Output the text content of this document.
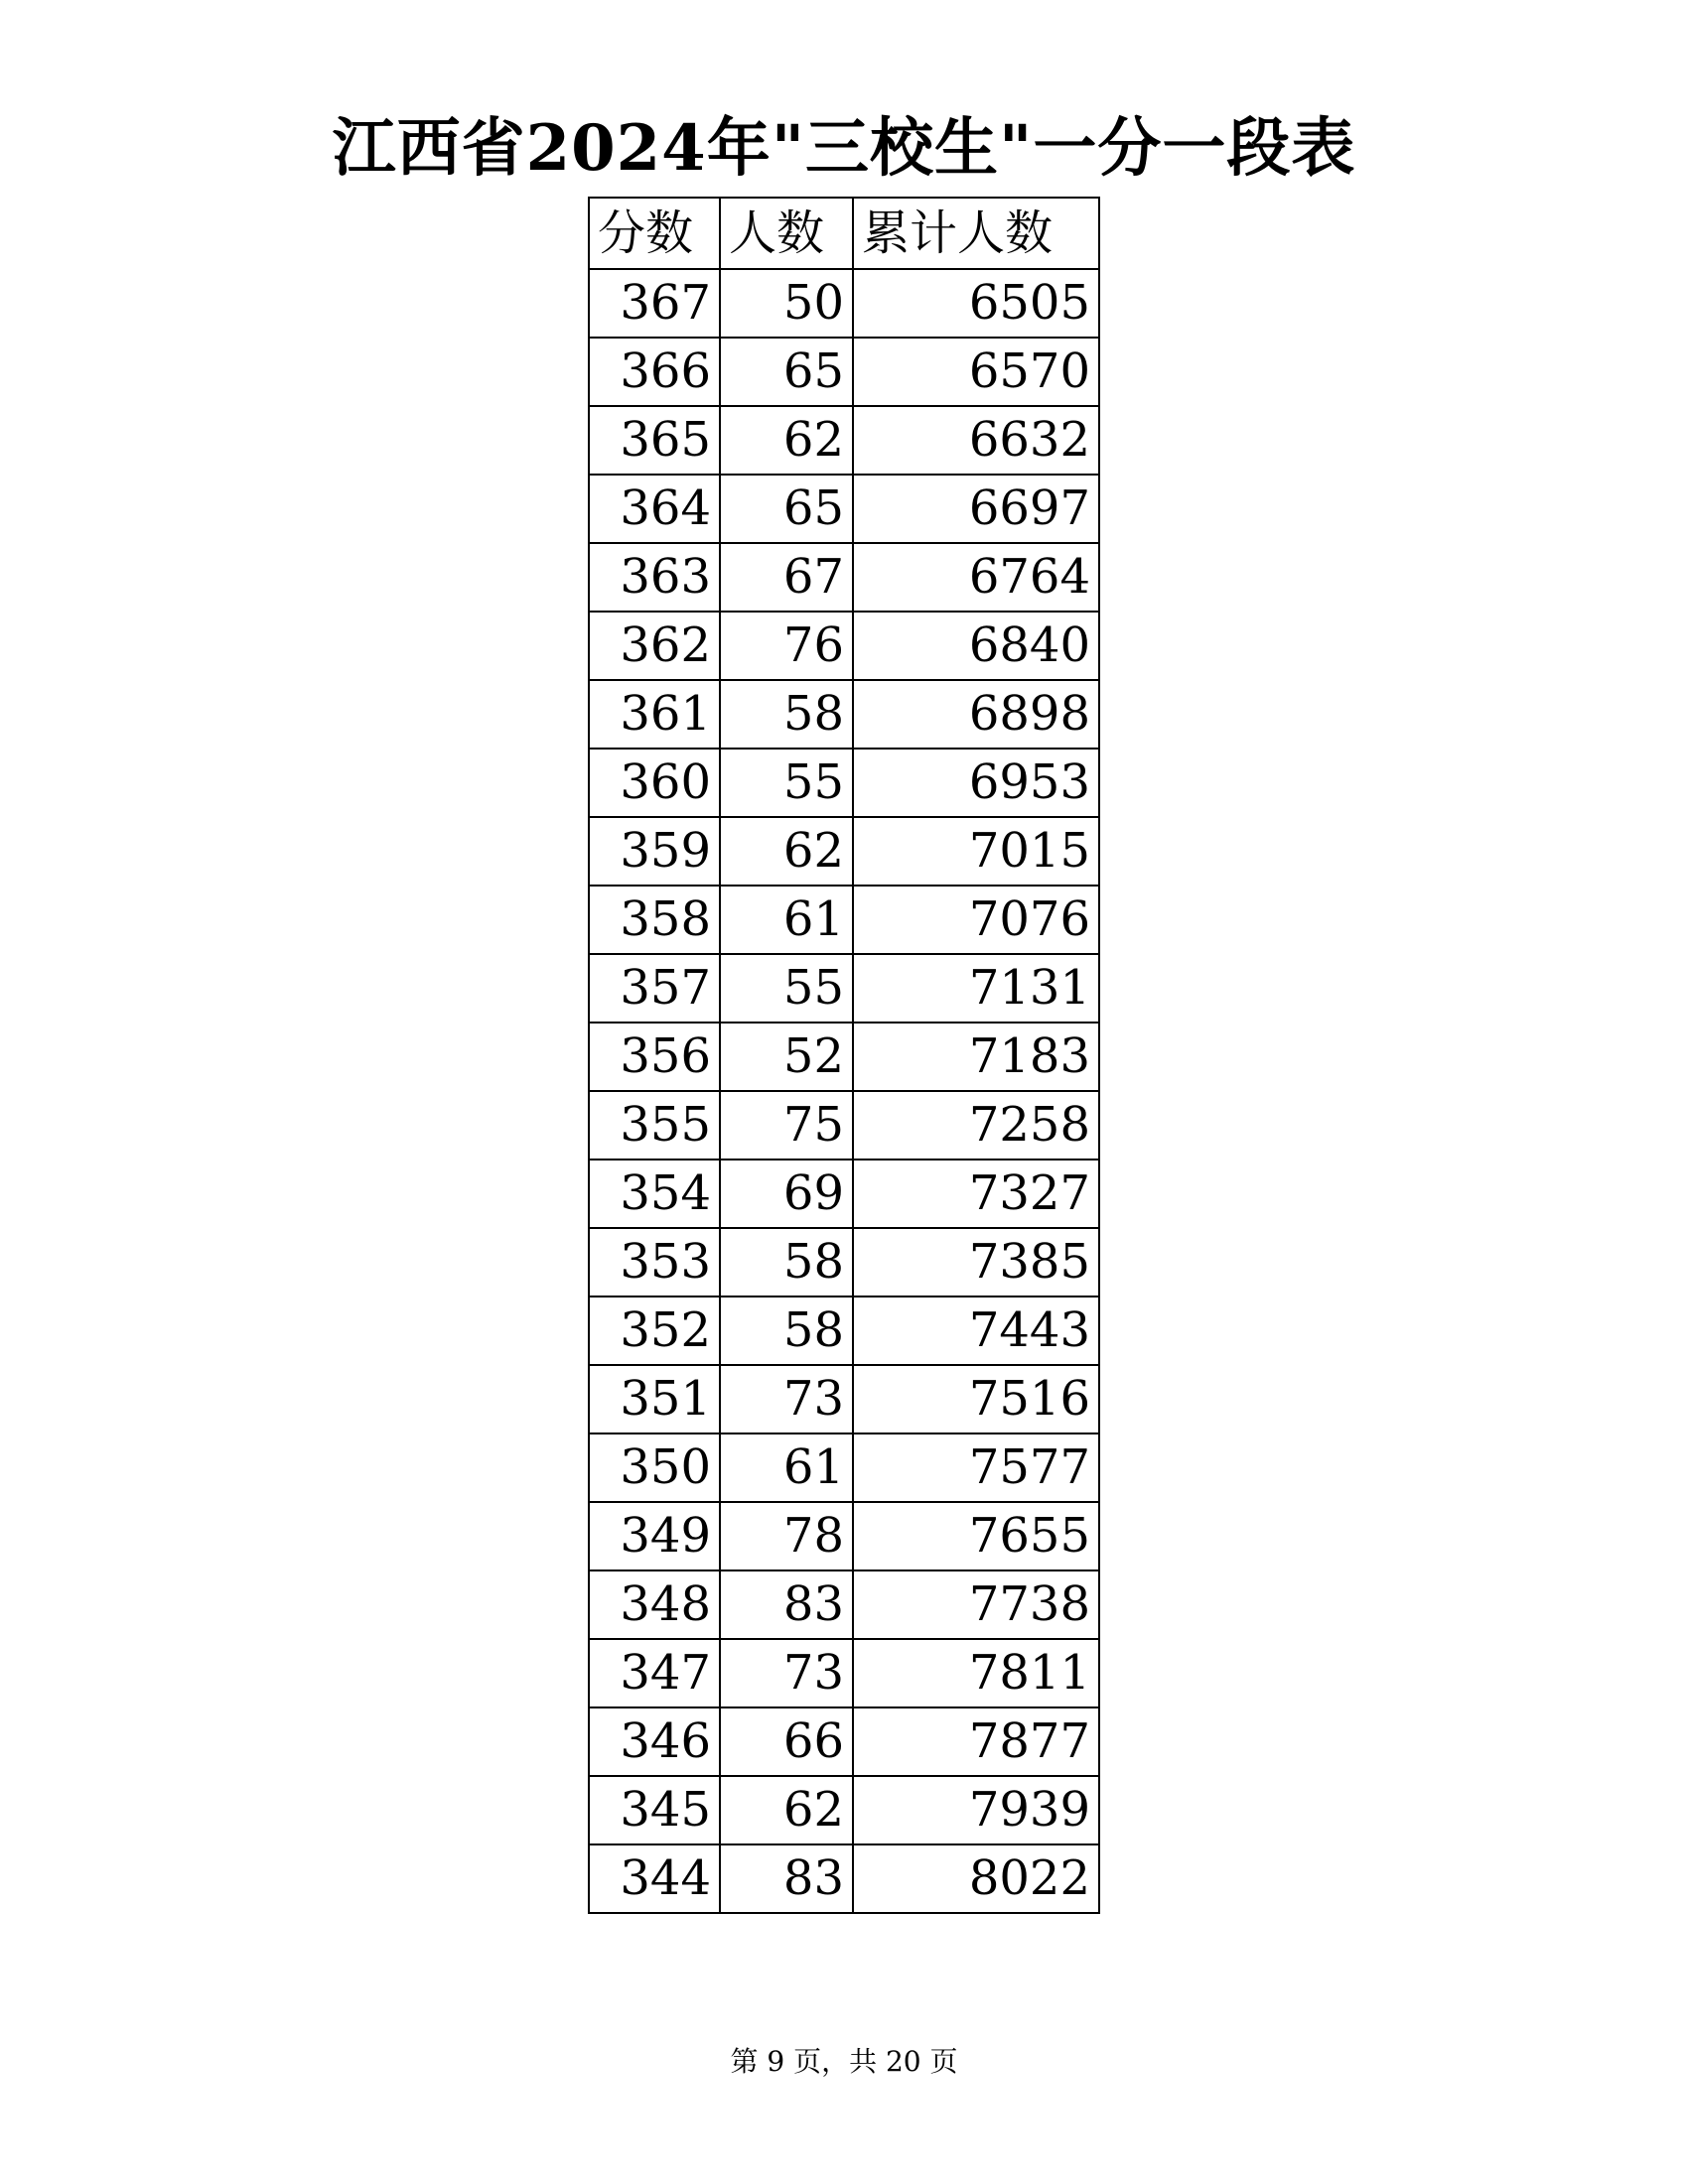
江西省2024年"三校生"一分一段表
分数	人数	累计人数
367	50	6505
366	65	6570
365	62	6632
364	65	6697
363	67	6764
362	76	6840
361	58	6898
360	55	6953
359	62	7015
358	61	7076
357	55	7131
356	52	7183
355	75	7258
354	69	7327
353	58	7385
352	58	7443
351	73	7516
350	61	7577
349	78	7655
348	83	7738
347	73	7811
346	66	7877
345	62	7939
344	83	8022
第 9 页，共 20 页
